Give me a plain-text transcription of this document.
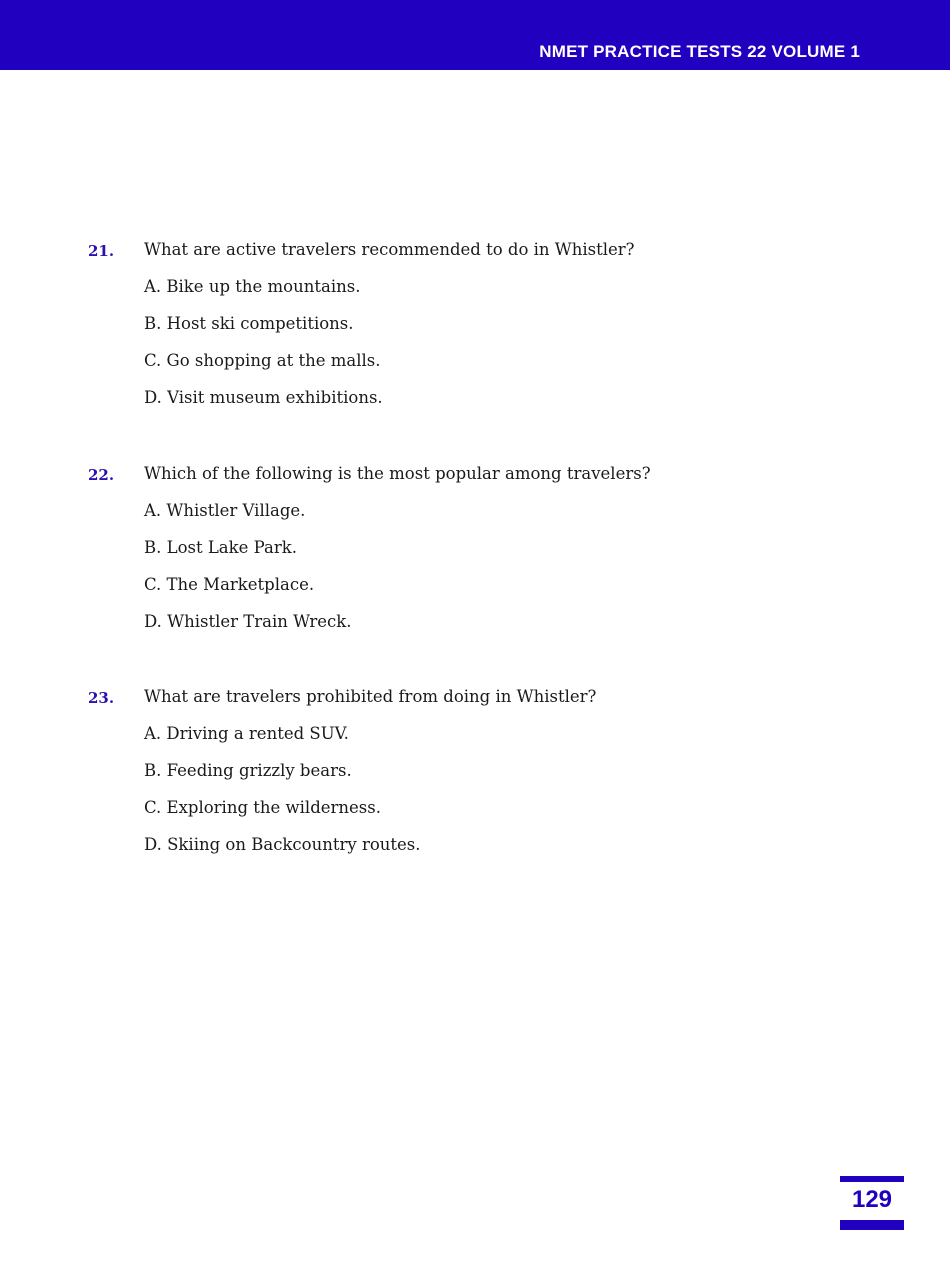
NMET PRACTICE TESTS 22 VOLUME 1
21. What are active travelers recommended to do in Whistler?
A. Bike up the mountains.
B. Host ski competitions.
C. Go shopping at the malls.
D. Visit museum exhibitions.
22. Which of the following is the most popular among travelers?
A. Whistler Village.
B. Lost Lake Park.
C. The Marketplace.
D. Whistler Train Wreck.
23. What are travelers prohibited from doing in Whistler?
A. Driving a rented SUV.
B. Feeding grizzly bears.
C. Exploring the wilderness.
D. Skiing on Backcountry routes.
129
